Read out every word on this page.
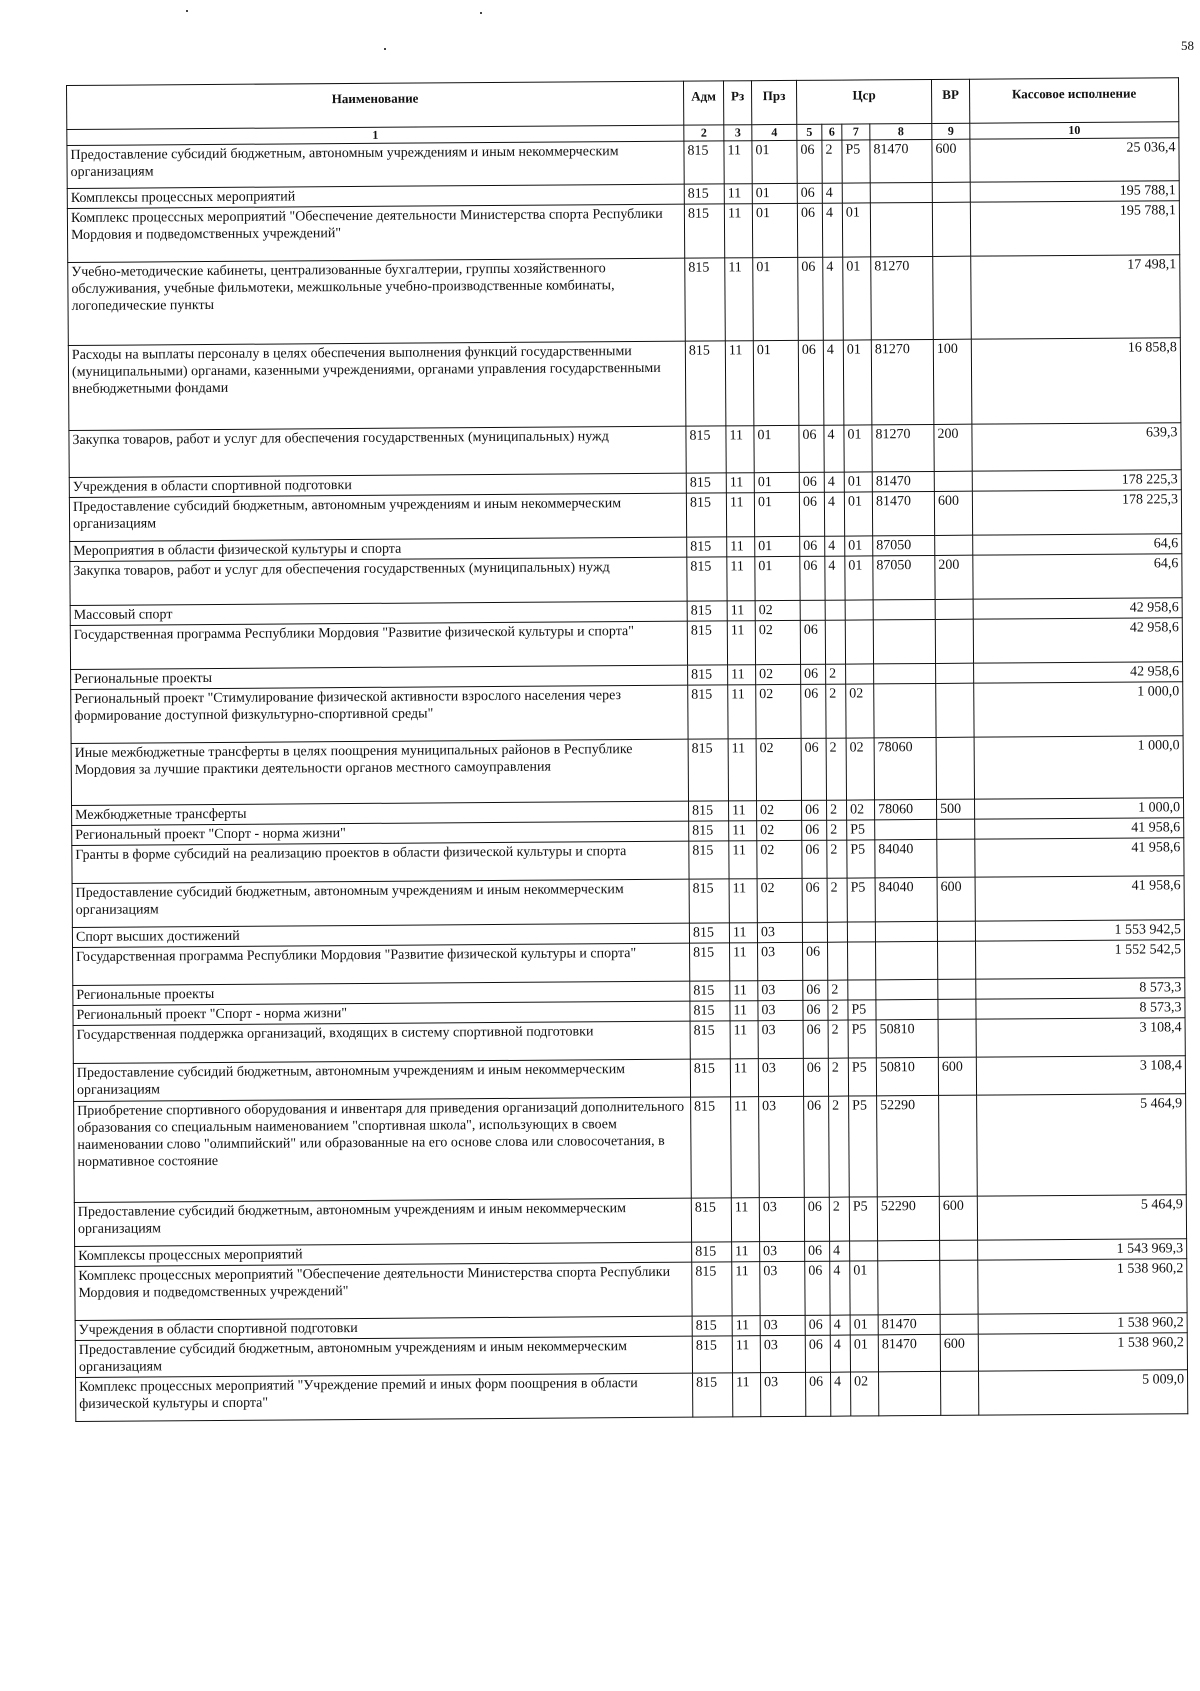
58
Наименование	Адм	Рз	Прз	Цср				ВР	Кассовое исполнение
1	2	3	4	5	6	7	8	9	10
Предоставление субсидий бюджетным, автономным учреждениям и иным некоммерческим организациям	815	11	01	06	2	P5	81470	600	25 036,4
Комплексы процессных мероприятий	815	11	01	06	4				195 788,1
Комплекс процессных мероприятий "Обеспечение деятельности Министерства спорта Республики Мордовия и подведомственных учреждений"	815	11	01	06	4	01			195 788,1
Учебно-методические кабинеты, централизованные бухгалтерии, группы хозяйственного обслуживания, учебные фильмотеки, межшкольные учебно-производственные комбинаты, логопедические пункты	815	11	01	06	4	01	81270		17 498,1
Расходы на выплаты персоналу в целях обеспечения выполнения функций государственными (муниципальными) органами, казенными учреждениями, органами управления государственными внебюджетными фондами	815	11	01	06	4	01	81270	100	16 858,8
Закупка товаров, работ и услуг для обеспечения государственных (муниципальных) нужд	815	11	01	06	4	01	81270	200	639,3
Учреждения в области спортивной подготовки	815	11	01	06	4	01	81470		178 225,3
Предоставление субсидий бюджетным, автономным учреждениям и иным некоммерческим организациям	815	11	01	06	4	01	81470	600	178 225,3
Мероприятия в области физической культуры и спорта	815	11	01	06	4	01	87050		64,6
Закупка товаров, работ и услуг для обеспечения государственных (муниципальных) нужд	815	11	01	06	4	01	87050	200	64,6
Массовый спорт	815	11	02						42 958,6
Государственная программа Республики Мордовия "Развитие физической культуры и спорта"	815	11	02	06					42 958,6
Региональные проекты	815	11	02	06	2				42 958,6
Региональный проект "Стимулирование физической активности взрослого населения через формирование доступной физкультурно-спортивной среды"	815	11	02	06	2	02			1 000,0
Иные межбюджетные трансферты в целях поощрения муниципальных районов в Республике Мордовия за лучшие практики деятельности органов местного самоуправления	815	11	02	06	2	02	78060		1 000,0
Межбюджетные трансферты	815	11	02	06	2	02	78060	500	1 000,0
Региональный проект "Спорт - норма жизни"	815	11	02	06	2	P5			41 958,6
Гранты в форме субсидий на реализацию проектов в области физической культуры и спорта	815	11	02	06	2	P5	84040		41 958,6
Предоставление субсидий бюджетным, автономным учреждениям и иным некоммерческим организациям	815	11	02	06	2	P5	84040	600	41 958,6
Спорт высших достижений	815	11	03						1 553 942,5
Государственная программа Республики Мордовия "Развитие физической культуры и спорта"	815	11	03	06					1 552 542,5
Региональные проекты	815	11	03	06	2				8 573,3
Региональный проект "Спорт - норма жизни"	815	11	03	06	2	P5			8 573,3
Государственная поддержка организаций, входящих в систему спортивной подготовки	815	11	03	06	2	P5	50810		3 108,4
Предоставление субсидий бюджетным, автономным учреждениям и иным некоммерческим организациям	815	11	03	06	2	P5	50810	600	3 108,4
Приобретение спортивного оборудования и инвентаря для приведения организаций дополнительного образования со специальным наименованием "спортивная школа", использующих в своем наименовании слово "олимпийский" или образованные на его основе слова или словосочетания, в нормативное состояние	815	11	03	06	2	P5	52290		5 464,9
Предоставление субсидий бюджетным, автономным учреждениям и иным некоммерческим организациям	815	11	03	06	2	P5	52290	600	5 464,9
Комплексы процессных мероприятий	815	11	03	06	4				1 543 969,3
Комплекс процессных мероприятий "Обеспечение деятельности Министерства спорта Республики Мордовия и подведомственных учреждений"	815	11	03	06	4	01			1 538 960,2
Учреждения в области спортивной подготовки	815	11	03	06	4	01	81470		1 538 960,2
Предоставление субсидий бюджетным, автономным учреждениям и иным некоммерческим организациям	815	11	03	06	4	01	81470	600	1 538 960,2
Комплекс процессных мероприятий "Учреждение премий и иных форм поощрения в области физической культуры и спорта"	815	11	03	06	4	02			5 009,0
